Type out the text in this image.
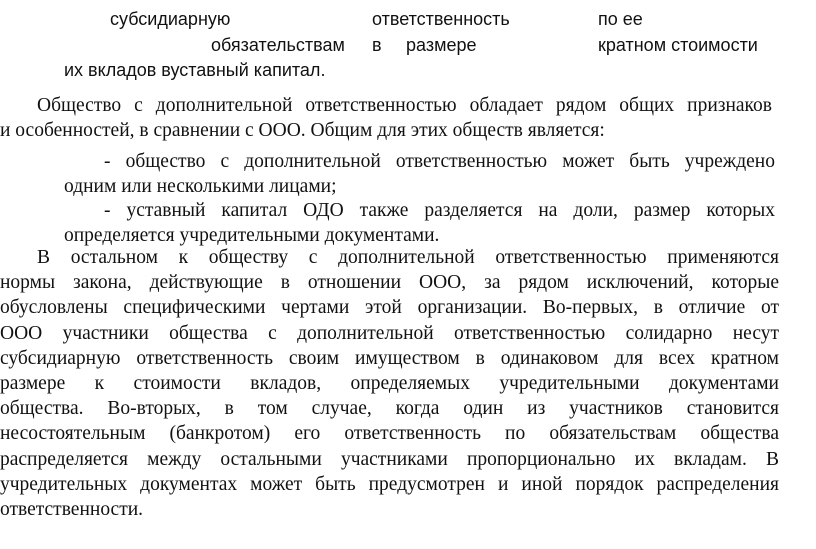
субсидиарную	ответственность	по ее
обязательствам в размере	кратном стоимости
их вкладов вуставный капитал.
Общество с дополнительной ответственностью обладает рядом общих признаков
и особенностей, в сравнении с ООО. Общим для этих обществ является:
- общество с дополнительной ответственностью может быть учреждено
одним или несколькими лицами;
- уставный капитал ОДО также разделяется на доли, размер которых
определяется учредительными документами.
В остальном к обществу с дополнительной ответственностью применяются
нормы закона, действующие в отношении ООО, за рядом исключений, которые
обусловлены специфическими чертами этой организации. Во-первых, в отличие от
ООО участники общества с дополнительной ответственностью солидарно несут
субсидиарную ответственность своим имуществом в одинаковом для всех кратном
размере к стоимости вкладов, определяемых учредительными документами
общества. Во-вторых, в том случае, когда один из участников становится
несостоятельным (банкротом) его ответственность по обязательствам общества
распределяется между остальными участниками пропорционально их вкладам. В
учредительных документах может быть предусмотрен и иной порядок распределения
ответственности.
